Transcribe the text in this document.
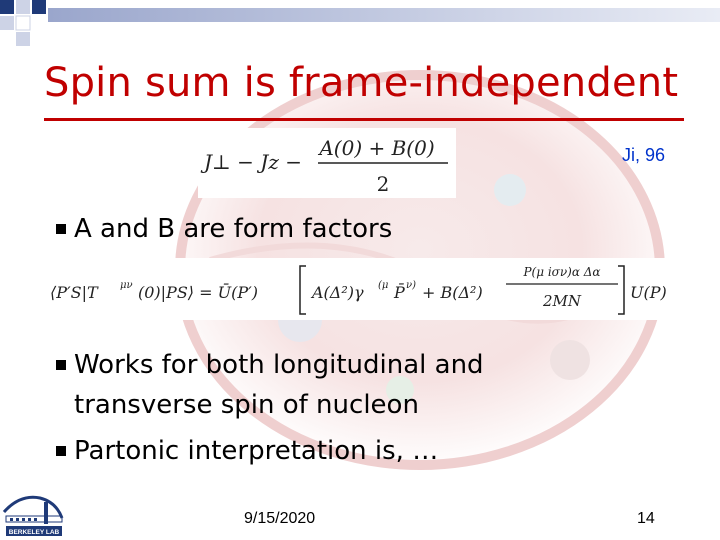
Spin sum is frame-independent
Ji, 96
J⊥ − Jz −
A(0) + B(0)
2
A and B are form factors
⟨P′S|T μν (0)|PS⟩ = Ū(P′)	A(Δ²)γ (μ P̄ ν) + B(Δ²)
P(μ iσν)α Δα
2MN	U(P)
Works for both longitudinal and
transverse spin of nucleon
Partonic interpretation is, …
9/15/2020	14
BERKELEY LAB
